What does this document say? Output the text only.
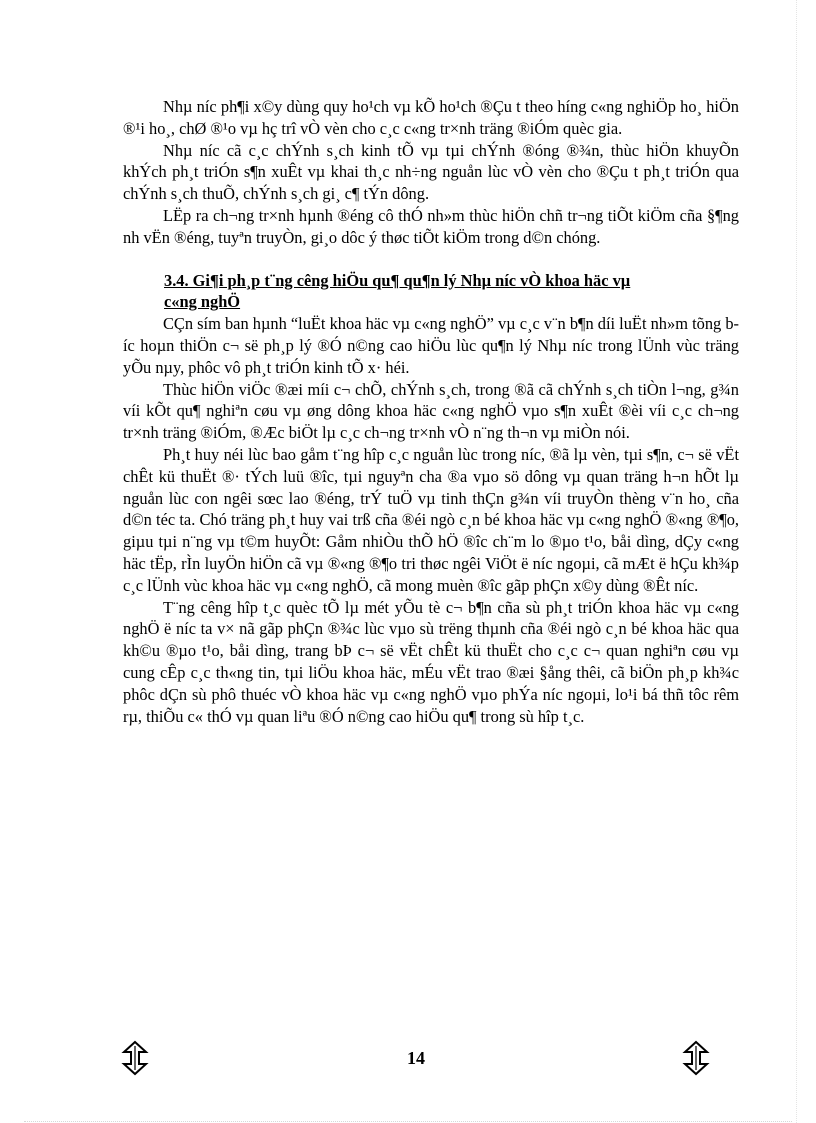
Nhµ níc ph¶i x©y dùng quy ho¹ch vµ kÕ ho¹ch ®Çu t theo híng c«ng nghiÖp ho¸ hiÖn ®¹i ho¸, chØ ®¹o vµ hç trî vÒ vèn cho c¸c c«ng tr×nh träng ®iÓm quèc gia.

Nhµ níc cã c¸c chÝnh s¸ch kinh tÕ vµ tµi chÝnh ®óng ®¾n, thùc hiÖn khuyÕn khÝch ph¸t triÓn s¶n xuÊt vµ khai th¸c nh÷ng nguån lùc vÒ vèn cho ®Çu t ph¸t triÓn qua chÝnh s¸ch thuÕ, chÝnh s¸ch gi¸ c¶ tÝn dông.

LËp ra ch¬ng tr×nh hµnh ®éng cô thÓ nh»m thùc hiÖn chñ tr¬ng tiÕt kiÖm cña §¶ng nh vËn ®éng, tuyªn truyÒn, gi¸o dôc ý thøc tiÕt kiÖm trong d©n chóng.

3.4. Gi¶i ph¸p t¨ng cêng hiÖu qu¶ qu¶n lý Nhµ níc vÒ khoa häc vµ
c«ng nghÖ

CÇn sím ban hµnh “luËt khoa häc vµ c«ng nghÖ” vµ c¸c v¨n b¶n díi luËt nh»m tõng bíc hoµn thiÖn c¬ së ph¸p lý ®Ó n©ng cao hiÖu lùc qu¶n lý Nhµ níc trong lÜnh vùc träng yÕu nµy, phôc vô ph¸t triÓn kinh tÕ x· héi.

Thùc hiÖn viÖc ®æi míi c¬ chÕ, chÝnh s¸ch, trong ®ã cã chÝnh s¸ch tiÒn l¬ng, g¾n víi kÕt qu¶ nghiªn cøu vµ øng dông khoa häc c«ng nghÖ vµo s¶n xuÊt ®èi víi c¸c ch¬ng tr×nh träng ®iÓm, ®Æc biÖt lµ c¸c ch¬ng tr×nh vÒ n¨ng th¬n vµ miÒn nói.

Ph¸t huy néi lùc bao gåm t¨ng hîp c¸c nguån lùc trong níc, ®ã lµ vèn, tµi s¶n, c¬ së vËt chÊt kü thuËt ®· tÝch luü ®îc, tµi nguyªn cha ®a vµo sö dông vµ quan träng h¬n hÕt lµ nguån lùc con ngêi sœc lao ®éng, trÝ tuÖ vµ tinh thÇn g¾n víi truyÒn thèng v¨n ho¸ cña d©n téc ta. Chó träng ph¸t huy vai trß cña ®éi ngò c¸n bé khoa häc vµ c«ng nghÖ ®«ng ®¶o, giµu tµi n¨ng vµ t©m huyÕt: Gåm nhiÒu thÕ hÖ ®îc ch¨m lo ®µo t¹o, båi dìng, dÇy c«ng häc tËp, rÌn luyÖn hiÖn cã vµ ®«ng ®¶o tri thøc ngêi ViÖt ë níc ngoµi, cã mÆt ë hÇu kh¾p c¸c lÜnh vùc khoa häc vµ c«ng nghÖ, cã mong muèn ®îc gãp phÇn x©y dùng ®Êt níc.

T¨ng cêng hîp t¸c quèc tÕ lµ mét yÕu tè c¬ b¶n cña sù ph¸t triÓn khoa häc vµ c«ng nghÖ ë níc ta v× nã gãp phÇn ®¾c lùc vµo sù trëng thµnh cña ®éi ngò c¸n bé khoa häc qua kh©u ®µo t¹o, båi dìng, trang bÞ c¬ së vËt chÊt kü thuËt cho c¸c c¬ quan nghiªn cøu vµ cung cÊp c¸c th«ng tin, tµi liÖu khoa häc, mÉu vËt trao ®æi §ång thêi, cã biÖn ph¸p kh¾c phôc dÇn sù phô thuéc vÒ khoa häc vµ c«ng nghÖ vµo phÝa níc ngoµi, lo¹i bá thñ tôc rêm rµ, thiÕu c« thÓ vµ quan liªu ®Ó n©ng cao hiÖu qu¶ trong sù hîp t¸c.

14
